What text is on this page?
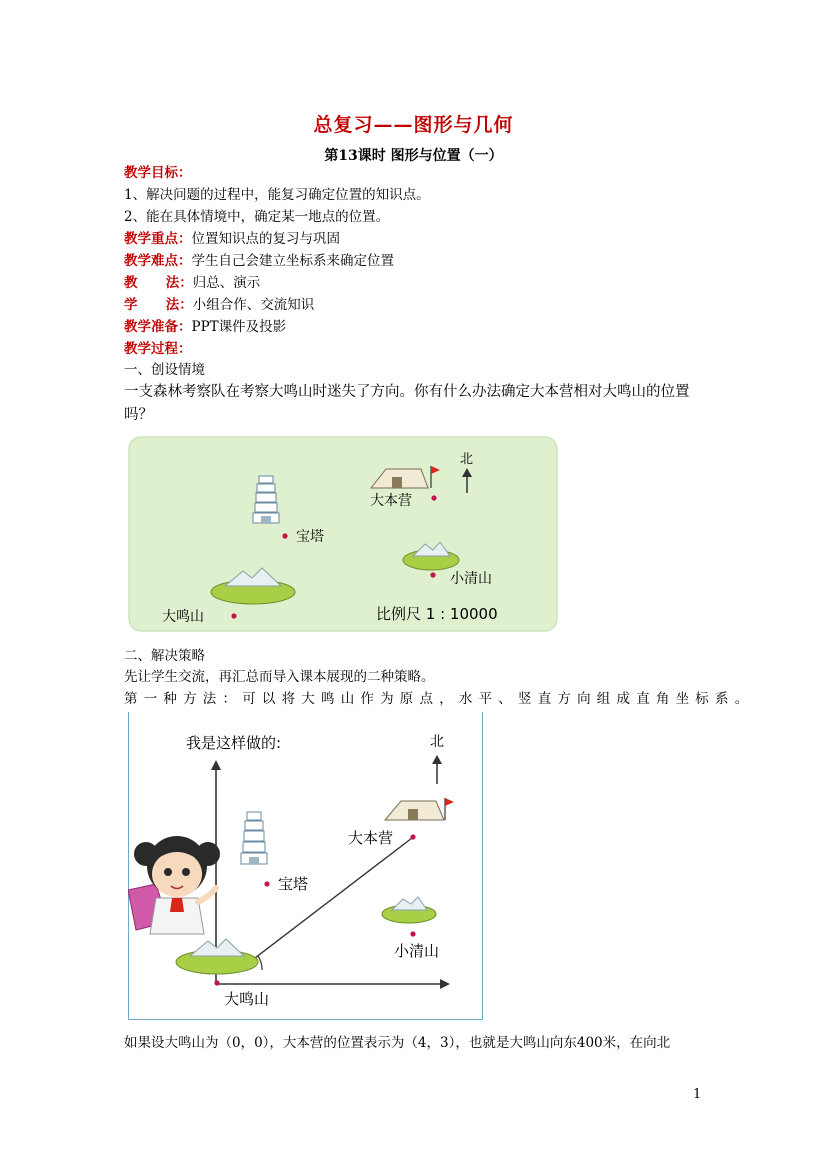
总复习——图形与几何
第13课时 图形与位置（一）
教学目标：
1、解决问题的过程中，能复习确定位置的知识点。
2、能在具体情境中，确定某一地点的位置。
教学重点：位置知识点的复习与巩固
教学难点：学生自己会建立坐标系来确定位置
教      法：归总、演示
学      法：小组合作、交流知识
教学准备：PPT课件及投影
教学过程：
一、创设情境
一支森林考察队在考察大鸣山时迷失了方向。你有什么办法确定大本营相对大鸣山的位置
吗？
宝塔
大本营
北
小清山
大鸣山	比例尺 1 : 10000
二、解决策略
先让学生交流，再汇总而导入课本展现的二种策略。
第一种方法：可以将大鸣山作为原点，水平、竖直方向组成直角坐标系。
我是这样做的:	北
大本营
宝塔
小清山
大鸣山
如果设大鸣山为（0，0），大本营的位置表示为（4，3），也就是大鸣山向东400米，在向北
1
